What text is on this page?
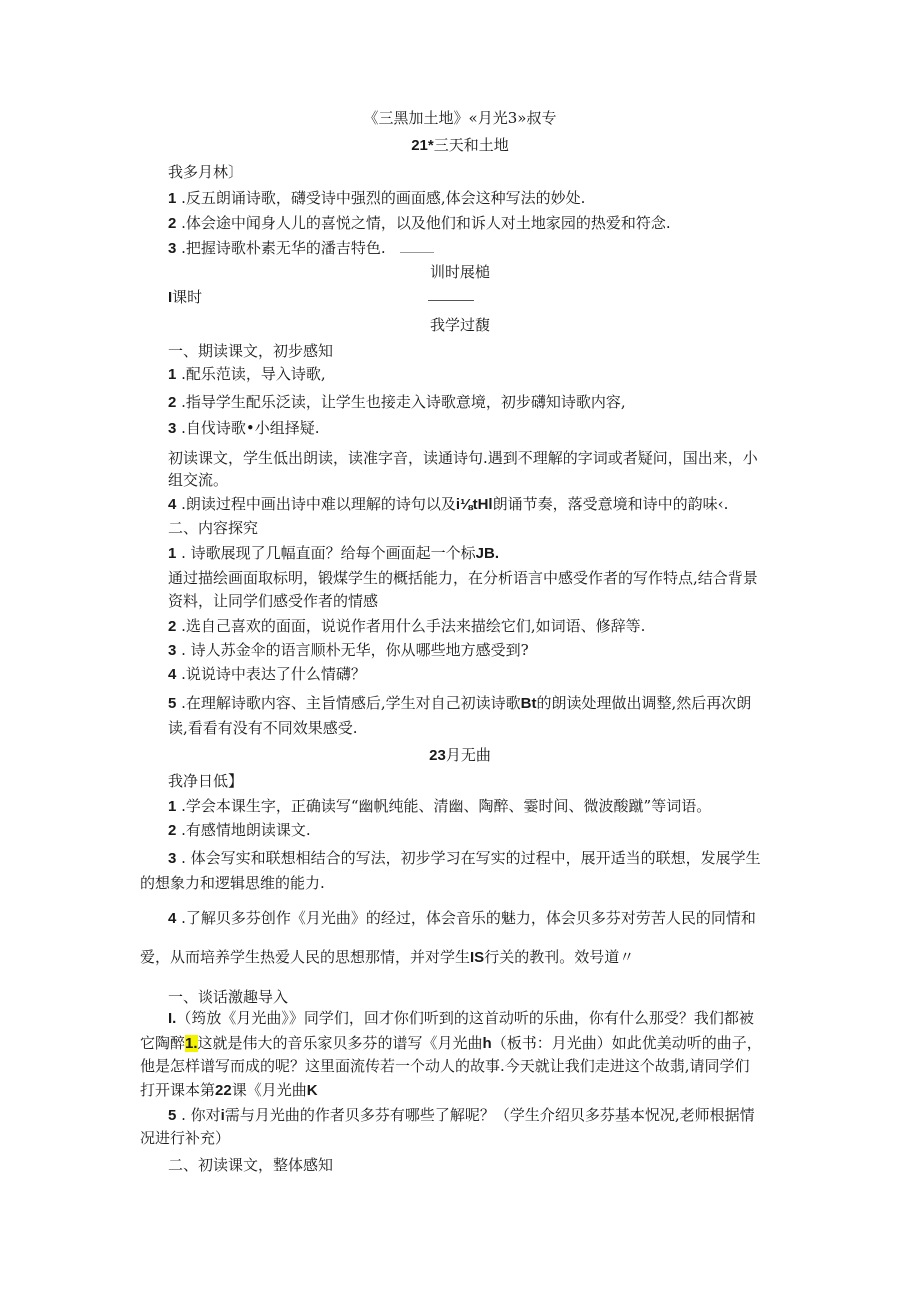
《三黑加土地》«月光3»叔专
21*三天和土地
我多月林〕
1 .反五朗诵诗歌，礴受诗中强烈的画面感,体会这种写法的妙处.
2 .体会途中闻身人儿的喜悦之情，以及他们和诉人对土地家园的热爱和符念.
3 .把握诗歌朴素无华的潘吉特色.
训时展槌
I课时
我学过馥
一、期读课文，初步感知
1 .配乐范读，导入诗歌,
2 .指导学生配乐泛读，让学生也接走入诗歌意境，初步礴知诗歌内容,
3 .自伐诗歌•小组择疑.
初读课文，学生低出朗读，读准字音，读通诗句.遇到不理解的字词或者疑问，国出来，小
组交流。
4 .朗读过程中画出诗中难以理解的诗句以及i⅛tHl朗诵节奏，落受意境和诗中的韵味‹.
二、内容探究
1 . 诗歌展现了几幅直面？给每个画面起一个标JB.
通过描绘画面取标明，锻煤学生的概括能力，在分析语言中感受作者的写作特点,结合背景
资料，让同学们感受作者的情感
2 .选自己喜欢的面面，说说作者用什么手法来描绘它们,如词语、修辞等.
3 . 诗人苏金伞的语言顺朴无华，你从哪些地方感受到?
4 .说说诗中表达了什么情礴？
5 .在理解诗歌内容、主旨情感后,学生对自己初读诗歌Bt的朗读处理做出调整,然后再次朗
读,看看有没有不同效果感受.
23月无曲
我净日低】
1 .学会本课生字，正确读写“幽帆纯能、清幽、陶醉、霎时间、微波酸蹴”等词语。
2 .有感情地朗读课文.
3 . 体会写实和联想相结合的写法，初步学习在写实的过程中，展开适当的联想，发展学生
的想象力和逻辑思维的能力.
4 .了解贝多芬创作《月光曲》的经过，体会音乐的魅力，体会贝多芬对劳苦人民的同情和
爱，从而培养学生热爱人民的思想那情，并对学生IS行关的教刊。效号道〃
一、谈话激趣导入
I.（筠放《月光曲》》同学们，回才你们听到的这首动听的乐曲，你有什么那受？我们都被
它陶醉1.这就是伟大的音乐家贝多芬的谱写《月光曲h（板书：月光曲）如此优美动听的曲子，
他是怎样谱写而成的呢？这里面流传若一个动人的故事.今天就让我们走进这个故翡,请同学们
打开课本第22课《月光曲K
5 . 你对i需与月光曲的作者贝多芬有哪些了解呢？（学生介绍贝多芬基本怳况,老师根据情
况进行补充）
二、初读课文，整体感知
